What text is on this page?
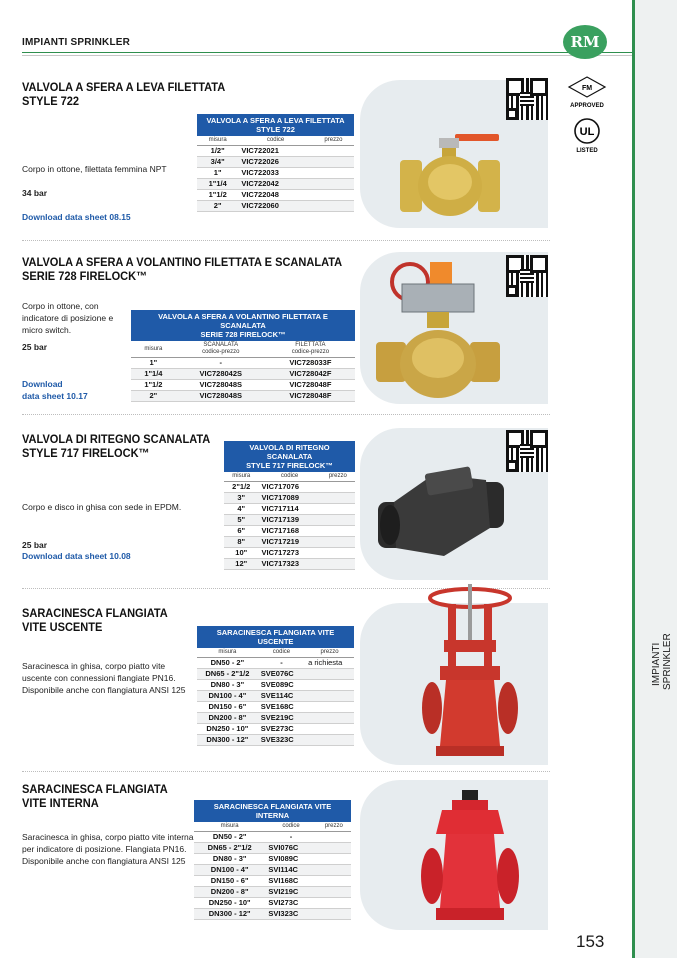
IMPIANTI SPRINKLER	RM
IMPIANTI SPRINKLER
FM
APPROVED
UL
LISTED
VALVOLA A SFERA A LEVA FILETTATA
STYLE 722
Corpo in ottone, filettata femmina NPT
34 bar
Download data sheet 08.15
VALVOLA A SFERA A LEVA FILETTATA
STYLE 722		
misura	codice	prezzo
1/2"	VIC722021	
3/4"	VIC722026	
1"	VIC722033	
1"1/4	VIC722042	
1"1/2	VIC722048	
2"	VIC722060	
VALVOLA A SFERA A VOLANTINO FILETTATA E SCANALATA
SERIE 728 FIRELOCK™
Corpo in ottone, con
indicatore di posizione e
micro switch.
25 bar
Download
data sheet 10.17
VALVOLA A SFERA A VOLANTINO FILETTATA E SCANALATA
SERIE 728 FIRELOCK™		
misura	SCANALATA
codice-prezzo	FILETTATA
codice-prezzo
1"	-	VIC728033F
1"1/4	VIC728042S	VIC728042F
1"1/2	VIC728048S	VIC728048F
2"	VIC728048S	VIC728048F
VALVOLA DI RITEGNO SCANALATA
STYLE 717 FIRELOCK™
Corpo e disco in ghisa con sede in EPDM.
25 bar
Download data sheet 10.08
VALVOLA DI RITEGNO SCANALATA
STYLE 717 FIRELOCK™		
misura	codice	prezzo
2"1/2	VIC717076	
3"	VIC717089	
4"	VIC717114	
5"	VIC717139	
6"	VIC717168	
8"	VIC717219	
10"	VIC717273	
12"	VIC717323	
SARACINESCA FLANGIATA
VITE USCENTE
Saracinesca in ghisa, corpo piatto vite
uscente con connessioni flangiate PN16.
Disponibile anche con flangiatura ANSI 125
SARACINESCA FLANGIATA VITE USCENTE		
misura	codice	prezzo
DN50 - 2"	-	a richiesta
DN65 - 2"1/2	SVE076C	
DN80 - 3"	SVE089C	
DN100 - 4"	SVE114C	
DN150 - 6"	SVE168C	
DN200 - 8"	SVE219C	
DN250 - 10"	SVE273C	
DN300 - 12"	SVE323C	
SARACINESCA FLANGIATA
VITE INTERNA
Saracinesca in ghisa, corpo piatto vite interna
per indicatore di posizione. Flangiata PN16.
Disponibile anche con flangiatura ANSI 125
SARACINESCA FLANGIATA VITE INTERNA		
misura	codice	prezzo
DN50 - 2"	-	
DN65 - 2"1/2	SVI076C	
DN80 - 3"	SVI089C	
DN100 - 4"	SVI114C	
DN150 - 6"	SVI168C	
DN200 - 8"	SVI219C	
DN250 - 10"	SVI273C	
DN300 - 12"	SVI323C	
153
